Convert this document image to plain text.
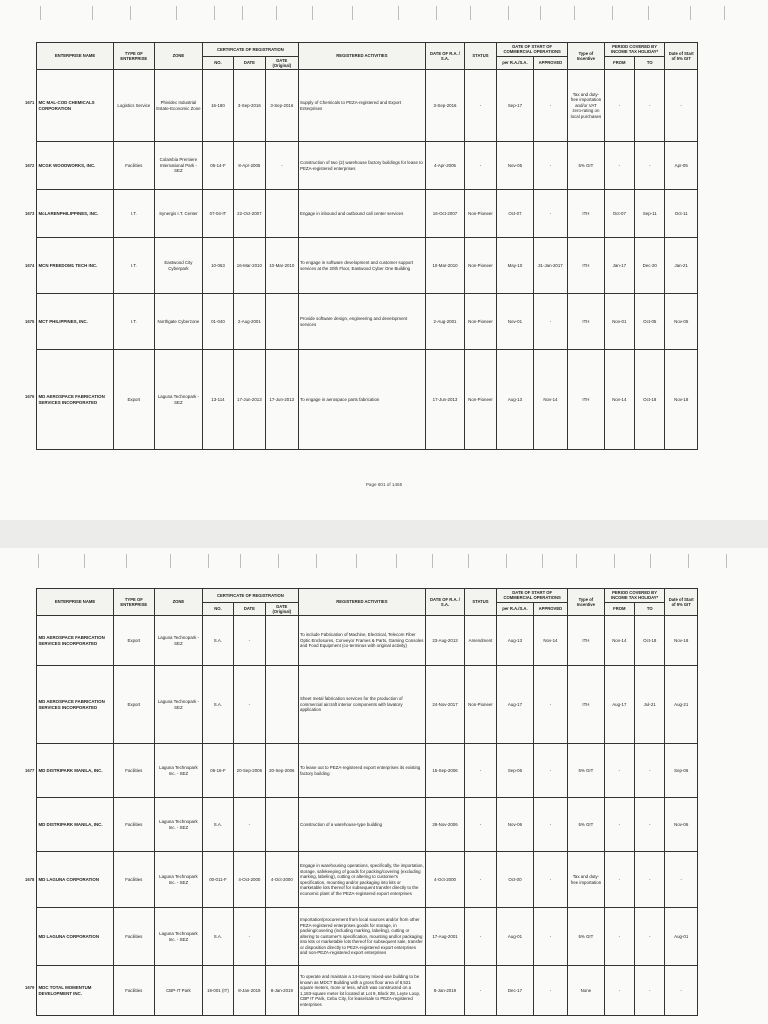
ENTERPRISE NAME	TYPE OF ENTERPRISE	ZONE	CERTIFICATE OF REGISTRATION			REGISTERED ACTIVITIES	DATE OF R.A. / S.A.	STATUS	DATE OF START OF COMMERCIAL OPERATIONS		Type of Incentive	PERIOD COVERED BY INCOME TAX HOLIDAY*		Date of Start of 5% GIT
			NO.	DATE	DATE (Original)				per R.A./S.A.	APPROVED				
												FROM	TO	

1671 MC MAL-COD CHEMICALS CORPORATION	Logistics Service	Phividec Industrial Estate-Economic Zone	16-180	3-Sep-2016	3-Sep-2016	Supply of Chemicals to PEZA-registered and Export Enterprises	3-Sep-2016	-	Sep-17	-	Tax and duty-free importation and/or VAT zero-rating on local purchases	-	-	-

1672 MCGK WOODWORKS, INC.	Facilities	Colambia Premiere International Park - SEZ	05-14-F	8-Apr-2005	-	Construction of two (2) warehouse factory buildings for lease to PEZA-registered enterprises	4-Apr-2005	-	Nov-05	-	5% GIT	-	-	Apr-05

1673 McLARENPHILIPPINES, INC.	I.T.	Synergis I.T. Center	07-04-IT	22-Oct-2007		Engage in inbound and outbound call center services	16-Oct-2007	Non-Pioneer	Oct-07	-	ITH	Oct-07	Sep-11	Oct-11

1674 MCN FREEDOM1 TECH INC.	I.T.	Eastwood City Cyberpark	10-063	16-Mar-2010	10-Mar-2010	To engage in software development and customer support services at the 20th Floor, Eastwood Cyber One Building	10-Mar-2010	Non-Pioneer	May-10	31-Jan-2017	ITH	Jan-17	Dec-20	Jan-21

1675 MCT PHILIPPINES, INC.	I.T.	Northgate Cyberzone	01-040	2-Aug-2001		Provide software design, engineering and development services	2-Aug-2001	Non-Pioneer	Nov-01	-	ITH	Nov-01	Oct-05	Nov-05

1676 MD AEROSPACE FABRICATION SERVICES INCORPORATED	Export	Laguna Technopark - SEZ	13-114	17-Jun-2013	17-Jun-2013	To engage in aerospace parts fabrication	17-Jun-2013	Non-Pioneer	Aug-13	Nov-14	ITH	Nov-14	Oct-18	Nov-18
Page 601 of 1465
ENTERPRISE NAME	TYPE OF ENTERPRISE	ZONE	CERTIFICATE OF REGISTRATION			REGISTERED ACTIVITIES	DATE OF R.A. / S.A.	STATUS	DATE OF START OF COMMERCIAL OPERATIONS		Type of Incentive	PERIOD COVERED BY INCOME TAX HOLIDAY*		Date of Start of 5% GIT
			NO.	DATE	DATE (Original)				per R.A./S.A.	APPROVED				
												FROM	TO	

MD AEROSPACE FABRICATION SERVICES INCORPORATED	Export	Laguna Technopark - SEZ	S.A.	-		To include Fabrication of Machine, Electrical, Telecom Fiber Optic Enclosures, Conveyor Frames & Parts, Gaming Consoles and Food Equipment (co-terminus with original activity)	23-Aug-2013	Amendment	Aug-13	Nov-14	ITH	Nov-14	Oct-18	Nov-18

MD AEROSPACE FABRICATION SERVICES INCORPORATED	Export	Laguna Technopark - SEZ	S.A.	-		Sheet metal fabrication services for the production of commercial aircraft interior components with lavatory application	24-Nov-2017	Non-Pioneer	Aug-17	-	ITH	Aug-17	Jul-21	Aug-21

1677 MD DISTRIPARK MANILA, INC.	Facilities	Laguna Technopark Inc. - SEZ	06-16-F	20-Sep-2006	20-Sep-2006	To lease out to PEZA-registered export enterprises its existing factory building	15-Sep-2006	-	Sep-06	-	5% GIT	-	-	Sep-06

MD DISTRIPARK MANILA, INC.	Facilities	Laguna Technopark Inc. - SEZ	S.A.	-		Construction of a warehouse-type building	28-Nov-2006	-	Nov-06	-	5% GIT	-	-	Nov-06

1678 MD LAGUNA CORPORATION	Facilities	Laguna Technopark Inc. - SEZ	00-011-F	4-Oct-2000	4-Oct-2000	Engage in warehousing operations, specifically, the importation, storage, safekeeping of goods for packing/covering (excluding marking, labeling), cutting or altering to customer's specification, mounting and/or packaging into kits or marketable lots thereof for subsequent transfer directly to the economic plant of the PEZA-registered export enterprises	4-Oct-2000	-	Oct-00	-	Tax and duty-free importation	-	-	-

MD LAGUNA CORPORATION	Facilities	Laguna Technopark Inc. - SEZ	S.A.	-		Importation/procurement from local sources and/or from other PEZA-registered enterprises goods for storage, in packing/covering (including marking, labeling), cutting or altering to customer's specification, mounting and/or packaging into kits or marketable lots thereof for subsequent sale, transfer or disposition directly to PEZA-registered export enterprises and non-PEZA-registered export enterprises	17-Aug-2001	-	Aug-01	-	5% GIT	-	-	Aug-01

1679 MDC TOTAL MOMENTUM DEVELOPMENT INC.	Facilities	CBP-IT Park	19-001 (IT)	8-Jan-2019	8-Jan-2019	To operate and maintain a 14-storey mixed-use building to be known as MDCT Building with a gross floor area of 8,521 square meters, more or less, which was constructed on a 1,183-square meter lot located at Lot 9, Block 28, Leyte Loop, CBP IT Park, Cebu City, for lease/sale to PEZA-registered enterprises	8-Jan-2019	-	Dec-17	-	None	-	-	-
